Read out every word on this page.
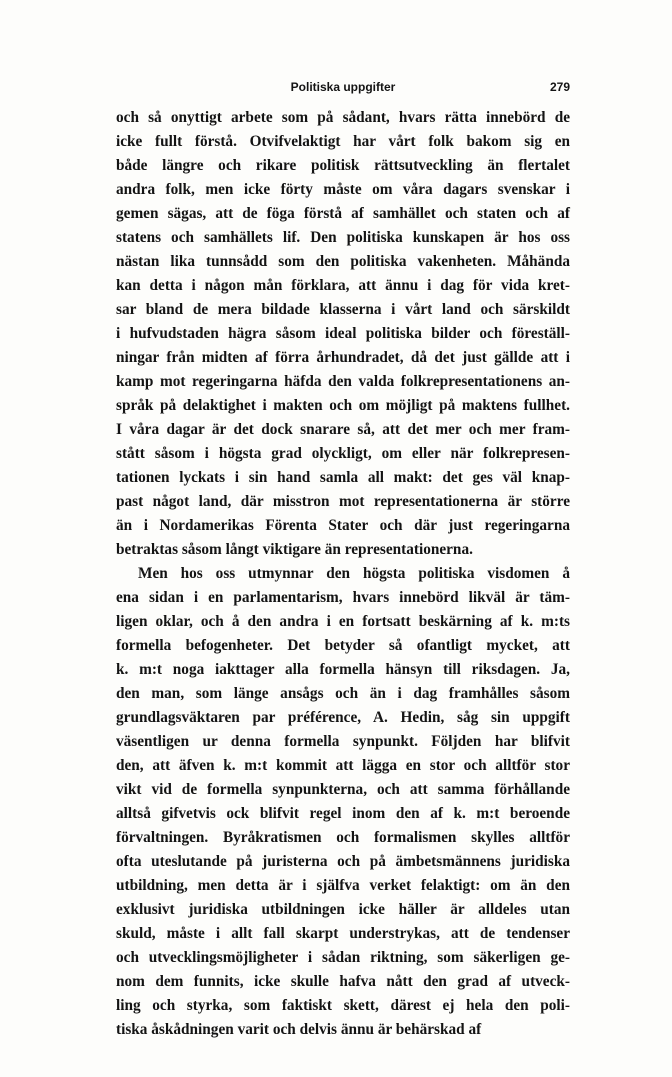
Politiska uppgifter	279
och så onyttigt arbete som på sådant, hvars rätta innebörd de
icke fullt förstå. Otvifvelaktigt har vårt folk bakom sig en
både längre och rikare politisk rättsutveckling än flertalet
andra folk, men icke förty måste om våra dagars svenskar i
gemen sägas, att de föga förstå af samhället och staten och af
statens och samhällets lif. Den politiska kunskapen är hos oss
nästan lika tunnsådd som den politiska vakenheten. Måhända
kan detta i någon mån förklara, att ännu i dag för vida kret-
sar bland de mera bildade klasserna i vårt land och särskildt
i hufvudstaden hägra såsom ideal politiska bilder och föreställ-
ningar från midten af förra århundradet, då det just gällde att i
kamp mot regeringarna häfda den valda folkrepresentationens an-
språk på delaktighet i makten och om möjligt på maktens fullhet.
I våra dagar är det dock snarare så, att det mer och mer fram-
stått såsom i högsta grad olyckligt, om eller när folkrepresen-
tationen lyckats i sin hand samla all makt: det ges väl knap-
past något land, där misstron mot representationerna är större
än i Nordamerikas Förenta Stater och där just regeringarna
betraktas såsom långt viktigare än representationerna.
Men hos oss utmynnar den högsta politiska visdomen å
ena sidan i en parlamentarism, hvars innebörd likväl är täm-
ligen oklar, och å den andra i en fortsatt beskärning af k. m:ts
formella befogenheter. Det betyder så ofantligt mycket, att
k. m:t noga iakttager alla formella hänsyn till riksdagen. Ja,
den man, som länge ansågs och än i dag framhålles såsom
grundlagsväktaren par préférence, A. Hedin, såg sin uppgift
väsentligen ur denna formella synpunkt. Följden har blifvit
den, att äfven k. m:t kommit att lägga en stor och alltför stor
vikt vid de formella synpunkterna, och att samma förhållande
alltså gifvetvis ock blifvit regel inom den af k. m:t beroende
förvaltningen. Byråkratismen och formalismen skylles alltför
ofta uteslutande på juristerna och på ämbetsmännens juridiska
utbildning, men detta är i själfva verket felaktigt: om än den
exklusivt juridiska utbildningen icke häller är alldeles utan
skuld, måste i allt fall skarpt understrykas, att de tendenser
och utvecklingsmöjligheter i sådan riktning, som säkerligen ge-
nom dem funnits, icke skulle hafva nått den grad af utveck-
ling och styrka, som faktiskt skett, därest ej hela den poli-
tiska åskådningen varit och delvis ännu är behärskad af
